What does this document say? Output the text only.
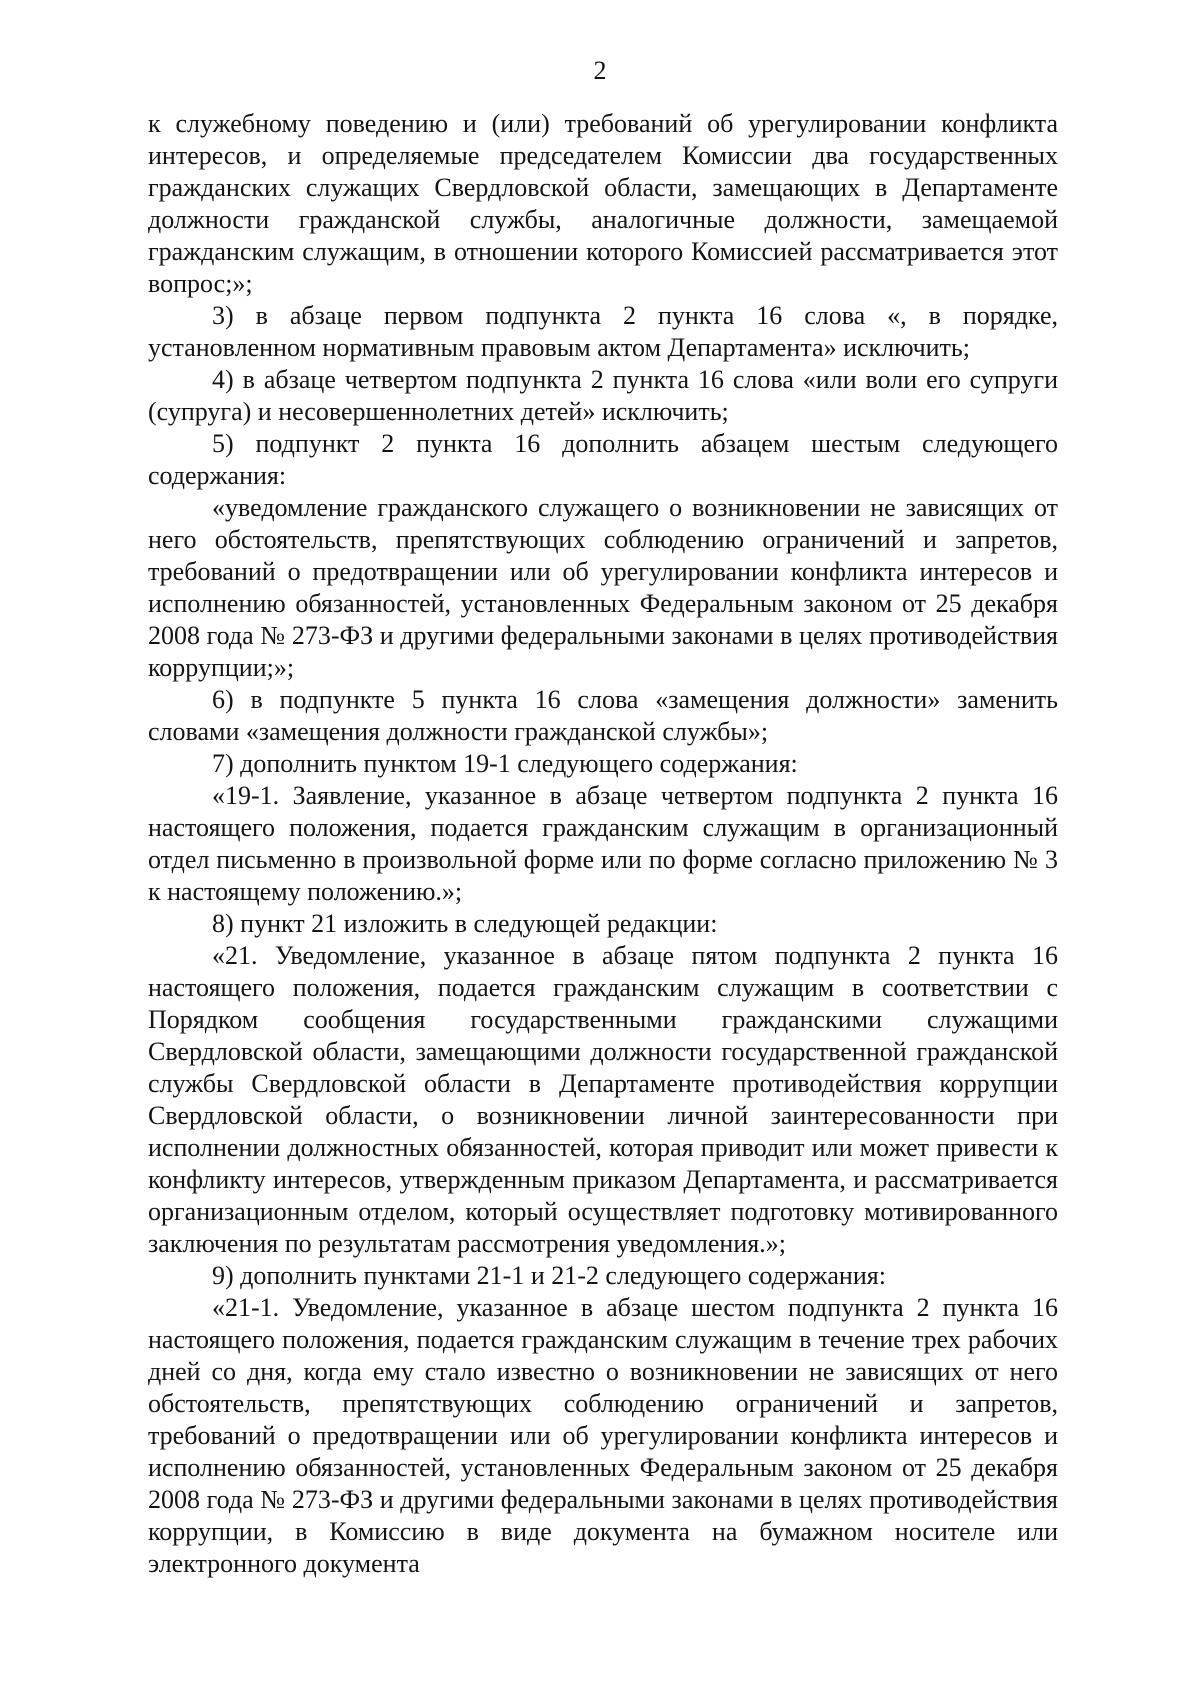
2

к служебному поведению и (или) требований об урегулировании конфликта интересов, и определяемые председателем Комиссии два государственных гражданских служащих Свердловской области, замещающих в Департаменте должности гражданской службы, аналогичные должности, замещаемой гражданским служащим, в отношении которого Комиссией рассматривается этот вопрос;»;

3) в абзаце первом подпункта 2 пункта 16 слова «, в порядке, установленном нормативным правовым актом Департамента» исключить;

4) в абзаце четвертом подпункта 2 пункта 16 слова «или воли его супруги (супруга) и несовершеннолетних детей» исключить;

5) подпункт 2 пункта 16 дополнить абзацем шестым следующего содержания:

«уведомление гражданского служащего о возникновении не зависящих от него обстоятельств, препятствующих соблюдению ограничений и запретов, требований о предотвращении или об урегулировании конфликта интересов и исполнению обязанностей, установленных Федеральным законом от 25 декабря 2008 года № 273-ФЗ и другими федеральными законами в целях противодействия коррупции;»;

6) в подпункте 5 пункта 16 слова «замещения должности» заменить словами «замещения должности гражданской службы»;

7) дополнить пунктом 19-1 следующего содержания:

«19-1. Заявление, указанное в абзаце четвертом подпункта 2 пункта 16 настоящего положения, подается гражданским служащим в организационный отдел письменно в произвольной форме или по форме согласно приложению № 3 к настоящему положению.»;

8) пункт 21 изложить в следующей редакции:

«21. Уведомление, указанное в абзаце пятом подпункта 2 пункта 16 настоящего положения, подается гражданским служащим в соответствии с Порядком сообщения государственными гражданскими служащими Свердловской области, замещающими должности государственной гражданской службы Свердловской области в Департаменте противодействия коррупции Свердловской области, о возникновении личной заинтересованности при исполнении должностных обязанностей, которая приводит или может привести к конфликту интересов, утвержденным приказом Департамента, и рассматривается организационным отделом, который осуществляет подготовку мотивированного заключения по результатам рассмотрения уведомления.»;

9) дополнить пунктами 21-1 и 21-2 следующего содержания:

«21-1. Уведомление, указанное в абзаце шестом подпункта 2 пункта 16 настоящего положения, подается гражданским служащим в течение трех рабочих дней со дня, когда ему стало известно о возникновении не зависящих от него обстоятельств, препятствующих соблюдению ограничений и запретов, требований о предотвращении или об урегулировании конфликта интересов и исполнению обязанностей, установленных Федеральным законом от 25 декабря 2008 года № 273-ФЗ и другими федеральными законами в целях противодействия коррупции, в Комиссию в виде документа на бумажном носителе или электронного документа
